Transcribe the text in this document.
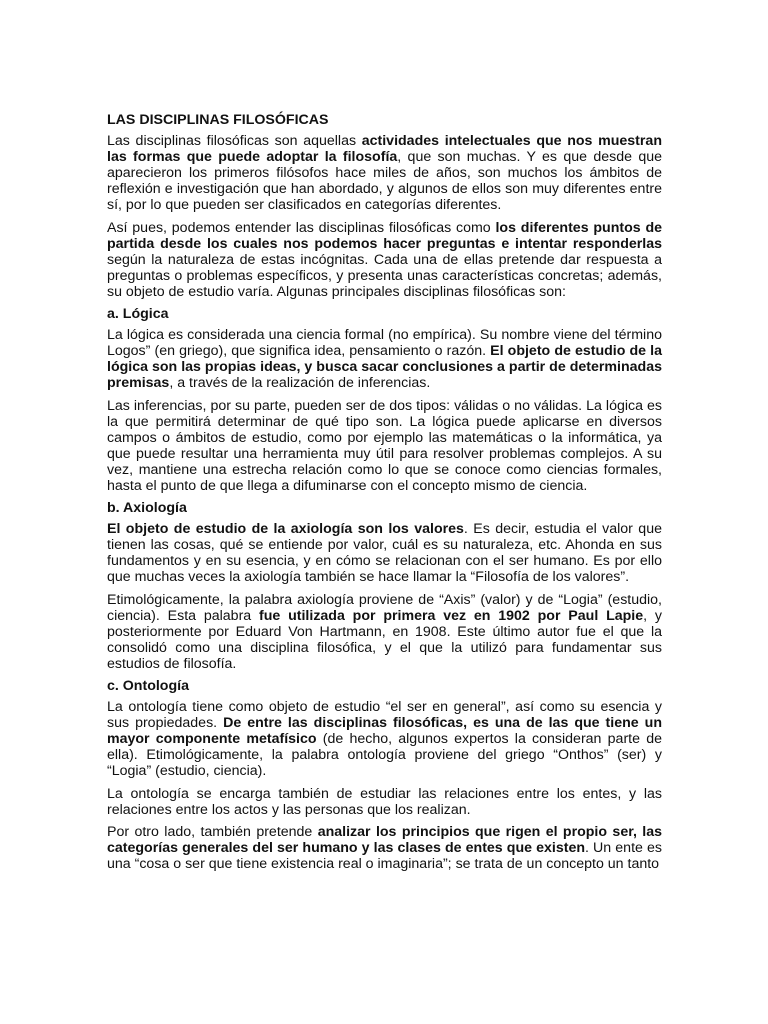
LAS DISCIPLINAS FILOSÓFICAS

Las disciplinas filosóficas son aquellas actividades intelectuales que nos muestran las formas que puede adoptar la filosofía, que son muchas. Y es que desde que aparecieron los primeros filósofos hace miles de años, son muchos los ámbitos de reflexión e investigación que han abordado, y algunos de ellos son muy diferentes entre sí, por lo que pueden ser clasificados en categorías diferentes.

Así pues, podemos entender las disciplinas filosóficas como los diferentes puntos de partida desde los cuales nos podemos hacer preguntas e intentar responderlas según la naturaleza de estas incógnitas. Cada una de ellas pretende dar respuesta a preguntas o problemas específicos, y presenta unas características concretas; además, su objeto de estudio varía. Algunas principales disciplinas filosóficas son:

a. Lógica

La lógica es considerada una ciencia formal (no empírica). Su nombre viene del término Logos” (en griego), que significa idea, pensamiento o razón. El objeto de estudio de la lógica son las propias ideas, y busca sacar conclusiones a partir de determinadas premisas, a través de la realización de inferencias.

Las inferencias, por su parte, pueden ser de dos tipos: válidas o no válidas. La lógica es la que permitirá determinar de qué tipo son. La lógica puede aplicarse en diversos campos o ámbitos de estudio, como por ejemplo las matemáticas o la informática, ya que puede resultar una herramienta muy útil para resolver problemas complejos. A su vez, mantiene una estrecha relación como lo que se conoce como ciencias formales, hasta el punto de que llega a difuminarse con el concepto mismo de ciencia.

b. Axiología

El objeto de estudio de la axiología son los valores. Es decir, estudia el valor que tienen las cosas, qué se entiende por valor, cuál es su naturaleza, etc. Ahonda en sus fundamentos y en su esencia, y en cómo se relacionan con el ser humano. Es por ello que muchas veces la axiología también se hace llamar la “Filosofía de los valores”.

Etimológicamente, la palabra axiología proviene de “Axis” (valor) y de “Logia” (estudio, ciencia). Esta palabra fue utilizada por primera vez en 1902 por Paul Lapie, y posteriormente por Eduard Von Hartmann, en 1908. Este último autor fue el que la consolidó como una disciplina filosófica, y el que la utilizó para fundamentar sus estudios de filosofía.

c. Ontología

La ontología tiene como objeto de estudio “el ser en general”, así como su esencia y sus propiedades. De entre las disciplinas filosóficas, es una de las que tiene un mayor componente metafísico (de hecho, algunos expertos la consideran parte de ella). Etimológicamente, la palabra ontología proviene del griego “Onthos” (ser) y “Logia” (estudio, ciencia).

La ontología se encarga también de estudiar las relaciones entre los entes, y las relaciones entre los actos y las personas que los realizan.

Por otro lado, también pretende analizar los principios que rigen el propio ser, las categorías generales del ser humano y las clases de entes que existen. Un ente es una “cosa o ser que tiene existencia real o imaginaria”; se trata de un concepto un tanto
